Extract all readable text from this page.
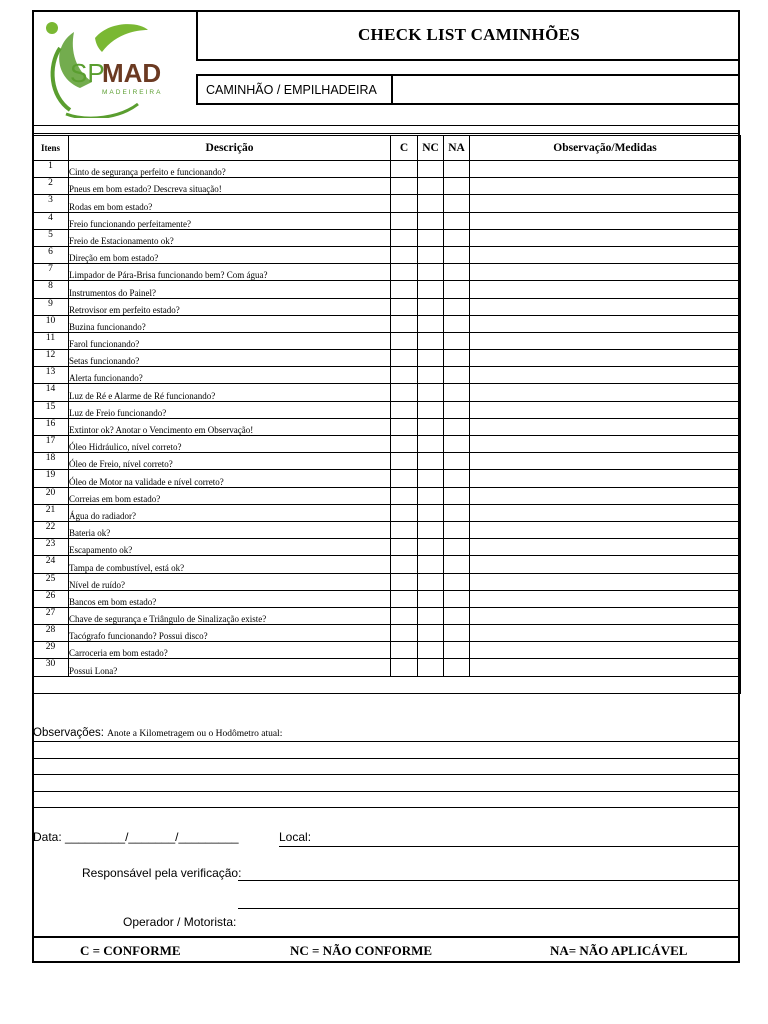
SP
MAD
MADEIREIRA
CHECK LIST CAMINHÕES
CAMINHÃO / EMPILHADEIRA
Itens	Descrição	C	NC	NA	Observação/Medidas
1	Cinto de segurança perfeito e funcionando?				
2	Pneus em bom estado? Descreva situação!				
3	Rodas em bom estado?				
4	Freio funcionando perfeitamente?				
5	Freio de Estacionamento ok?				
6	Direção em bom estado?				
7	Limpador de Pára-Brisa funcionando bem? Com água?				
8	Instrumentos do Painel?				
9	Retrovisor em perfeito estado?				
10	Buzina funcionando?				
11	Farol funcionando?				
12	Setas funcionando?				
13	Alerta funcionando?				
14	Luz de Ré e Alarme de Ré funcionando?				
15	Luz de Freio funcionando?				
16	Extintor ok? Anotar o Vencimento em Observação!				
17	Óleo Hidráulico, nível correto?				
18	Óleo de Freio, nível correto?				
19	Óleo de Motor na validade e nível correto?				
20	Correias em bom estado?				
21	Água do radiador?				
22	Bateria ok?				
23	Escapamento ok?				
24	Tampa de combustível, está ok?				
25	Nível de ruído?				
26	Bancos em bom estado?				
27	Chave de segurança e Triângulo de Sinalização existe?				
28	Tacógrafo funcionando? Possui disco?				
29	Carroceria em bom estado?				
30	Possui Lona?				

Observações: Anote a Kilometragem ou o Hodômetro atual:
Data: _________/_______/_________	Local:
Responsável pela verificação:
Operador / Motorista:
C = CONFORME	NC = NÃO CONFORME	NA= NÃO APLICÁVEL
